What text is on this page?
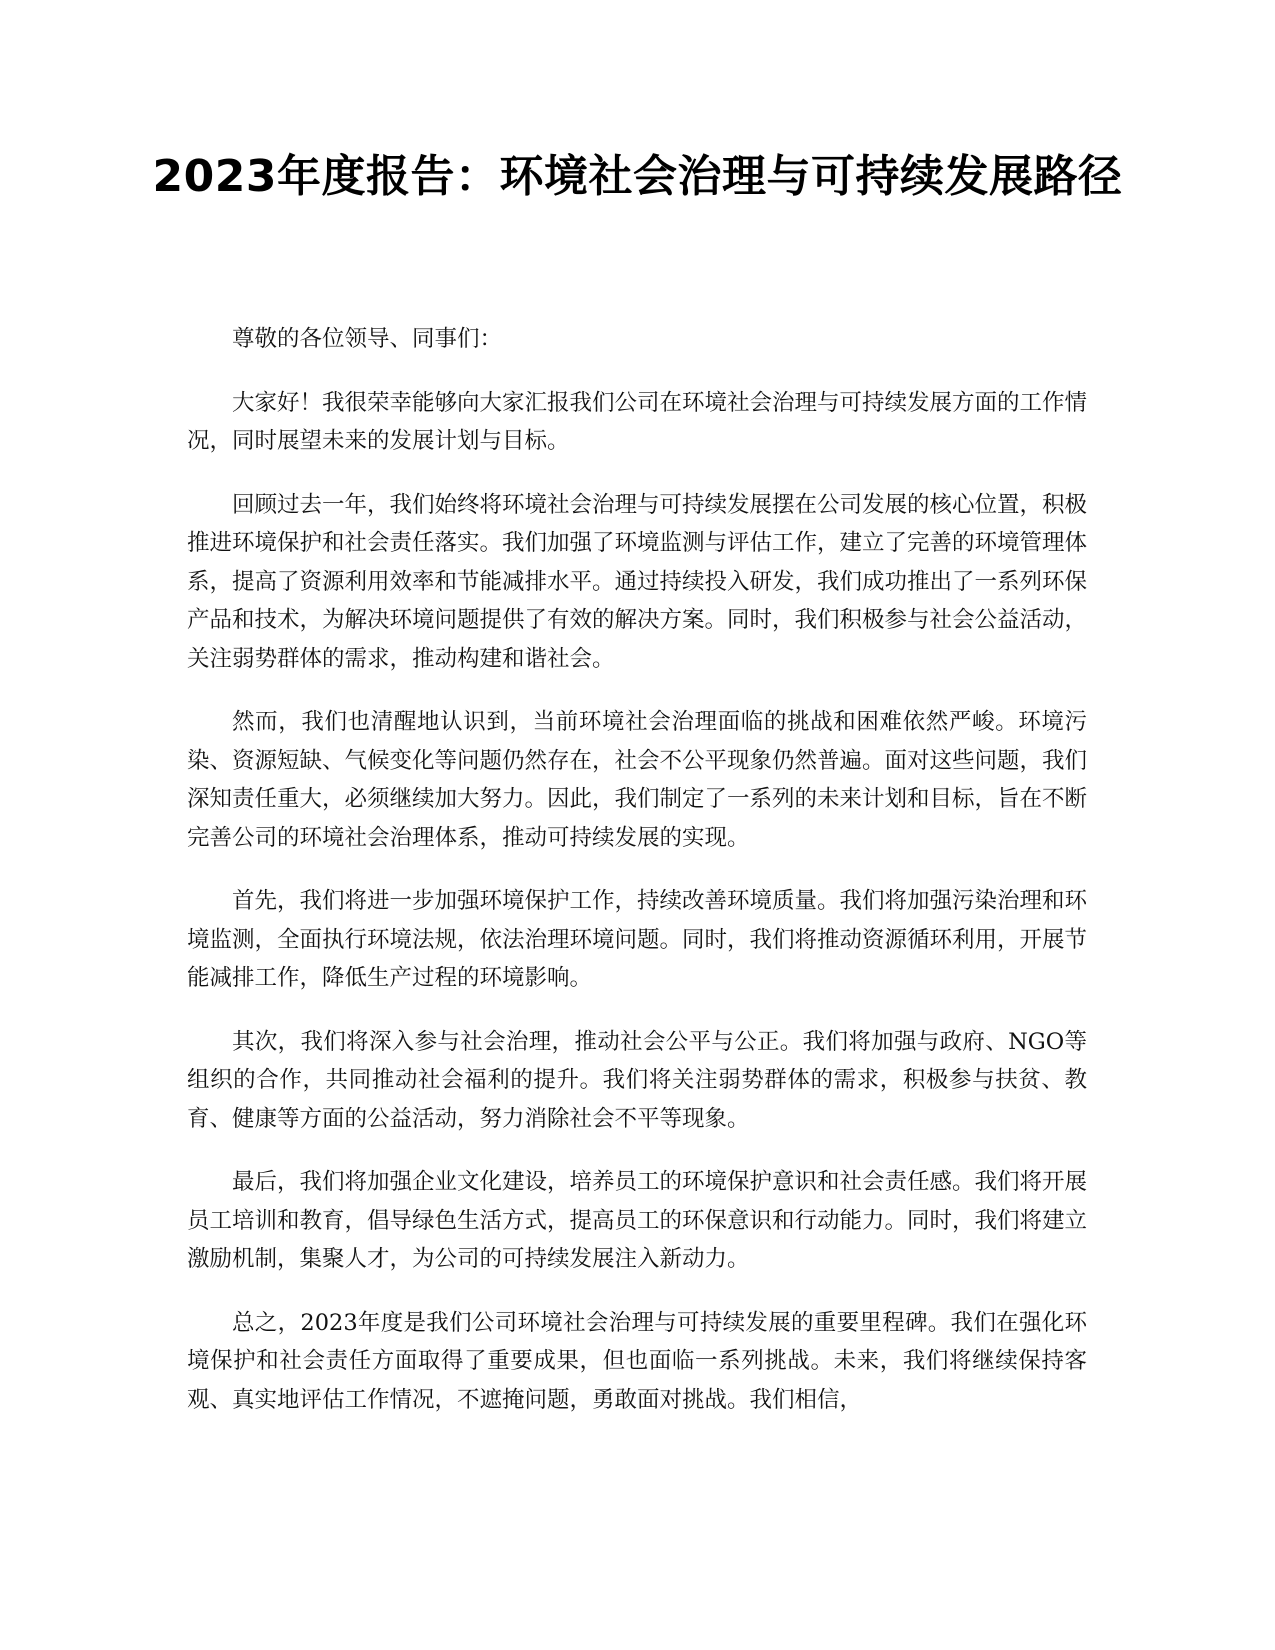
2023年度报告：环境社会治理与可持续发展路径

尊敬的各位领导、同事们：

大家好！我很荣幸能够向大家汇报我们公司在环境社会治理与可持续发展方面的工作情况，同时展望未来的发展计划与目标。

回顾过去一年，我们始终将环境社会治理与可持续发展摆在公司发展的核心位置，积极推进环境保护和社会责任落实。我们加强了环境监测与评估工作，建立了完善的环境管理体系，提高了资源利用效率和节能减排水平。通过持续投入研发，我们成功推出了一系列环保产品和技术，为解决环境问题提供了有效的解决方案。同时，我们积极参与社会公益活动，关注弱势群体的需求，推动构建和谐社会。

然而，我们也清醒地认识到，当前环境社会治理面临的挑战和困难依然严峻。环境污染、资源短缺、气候变化等问题仍然存在，社会不公平现象仍然普遍。面对这些问题，我们深知责任重大，必须继续加大努力。因此，我们制定了一系列的未来计划和目标，旨在不断完善公司的环境社会治理体系，推动可持续发展的实现。

首先，我们将进一步加强环境保护工作，持续改善环境质量。我们将加强污染治理和环境监测，全面执行环境法规，依法治理环境问题。同时，我们将推动资源循环利用，开展节能减排工作，降低生产过程的环境影响。

其次，我们将深入参与社会治理，推动社会公平与公正。我们将加强与政府、NGO等组织的合作，共同推动社会福利的提升。我们将关注弱势群体的需求，积极参与扶贫、教育、健康等方面的公益活动，努力消除社会不平等现象。

最后，我们将加强企业文化建设，培养员工的环境保护意识和社会责任感。我们将开展员工培训和教育，倡导绿色生活方式，提高员工的环保意识和行动能力。同时，我们将建立激励机制，集聚人才，为公司的可持续发展注入新动力。

总之，2023年度是我们公司环境社会治理与可持续发展的重要里程碑。我们在强化环境保护和社会责任方面取得了重要成果，但也面临一系列挑战。未来，我们将继续保持客观、真实地评估工作情况，不遮掩问题，勇敢面对挑战。我们相信，
